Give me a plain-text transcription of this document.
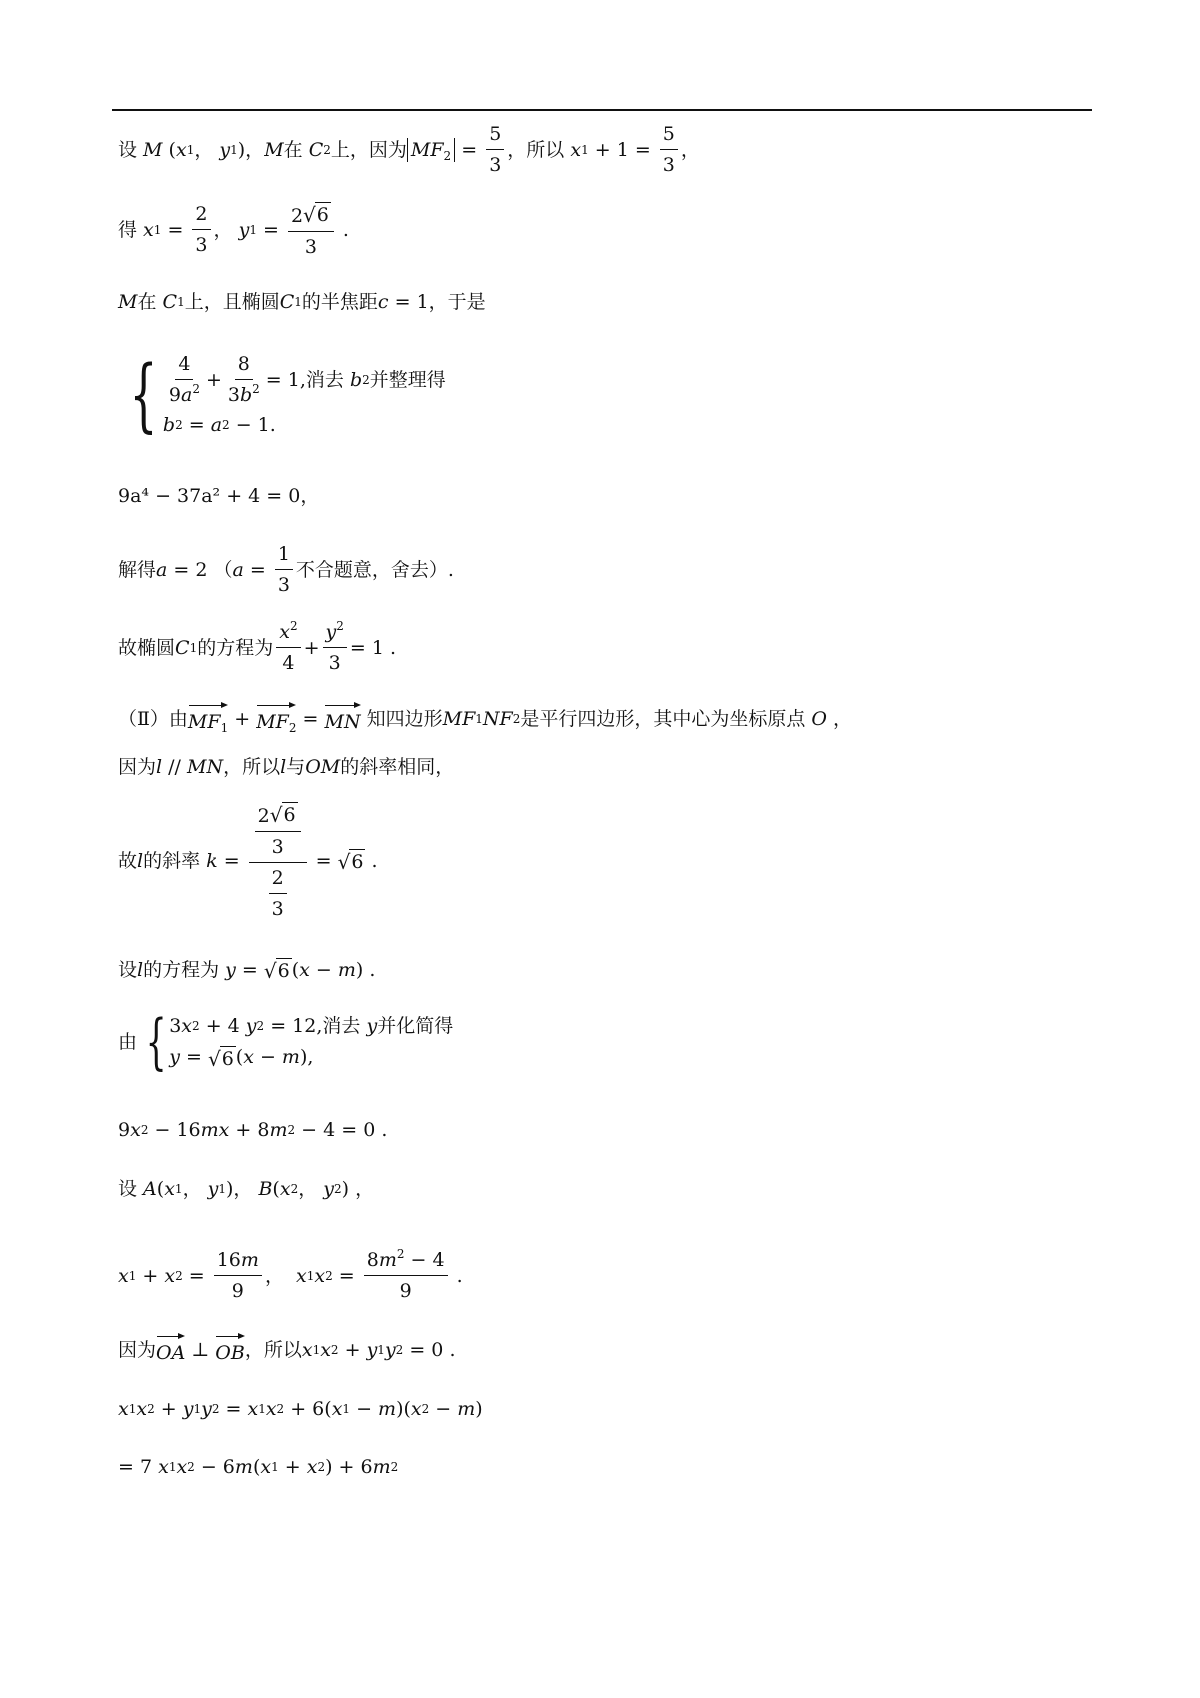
设 M ( x 1 ， y 1 ) ， M 在 C 2 上，因为 $MF_2 = \frac{5}{3}$ ，所以 x $1 + 1 = \frac{5}{3}$ ，
得 x $1 = \frac{2}{3}$ ， y $1 = \frac{2 √ 6}{3}$ .
M 在 C 1 上，且椭圆 C 1 的半焦距 c = 1 ，于是
{ $\frac{4}{9a^2} + \frac{8}{3b^2} = 1$, 消去 b 2 并整理得
b 2 = a 2 − 1.
9a⁴ − 37a² + 4 = 0，
解得 a = 2 （ $a = \frac{1}{3}$ 不合题意，舍去）.
故椭圆 C 1 的方程为 $\frac{x^2}{4} + \frac{y^2}{3} = 1$ .
（Ⅱ）由 $MF_1 + MF_2$ = MN
知四边形 MF 1 NF 2 是平行四边形，其中心为坐标原点 O ，
因为 l // MN ，所以 l 与 OM 的斜率相同，
故 l 的斜率 $k = \frac{\frac{2 √ 6}{3}}{\frac{2}{3}}$ = √ 6 .
设 l 的方程为 y = √ 6 ( x − m ) .
由 { 3 x 2 + 4 y 2 = 12, 消去 y 并化简得
y = √ 6 ( x − m ),
9 x 2 − 16 mx + 8 m 2 − 4 = 0 .
设 A ( x 1 ， y 1 )， B ( x 2 ， y 2 ) ，
x 1 + x $2 = \frac{16m}{9}$ ， x 1 x $2 = \frac{8m^2 - 4}{9}$ .
因为 OA ⊥ OB ，所以 x 1 x 2 + y 1 y 2 = 0 .
x 1 x 2 + y 1 y 2 = x 1 x 2 + 6( x 1 − m )( x 2 − m )
= 7 x 1 x 2 − 6 m ( x 1 + x 2 ) + 6 m 2
